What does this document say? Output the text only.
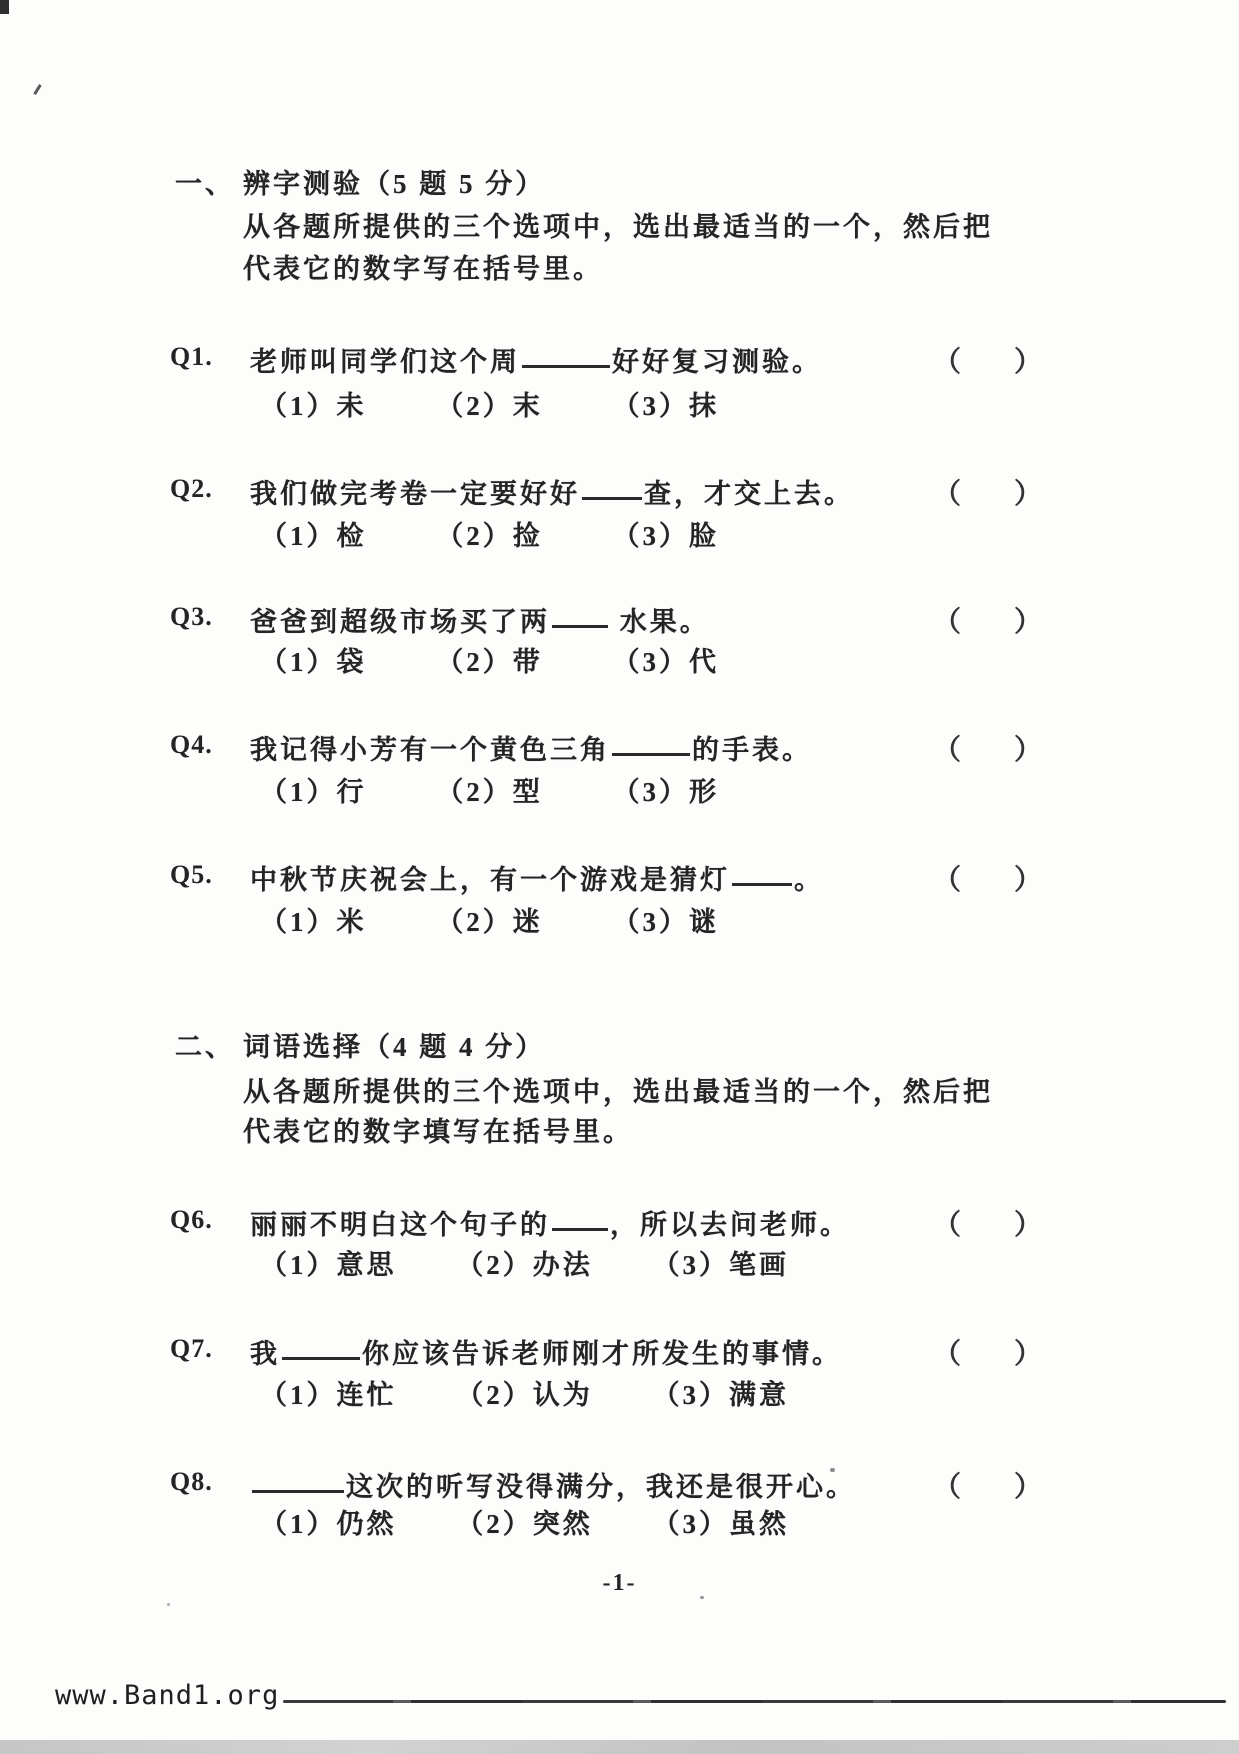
一、 辨字测验（5 题 5 分）
从各题所提供的三个选项中，选出最适当的一个，然后把
代表它的数字写在括号里。
Q1. 老师叫同学们这个周	好好复习测验。	（ ）
（1）未	（2）末	（3）抹
Q2. 我们做完考卷一定要好好 查，才交上去。	（ ）
（1）检	（2）捡	（3）脸
Q3. 爸爸到超级市场买了两 水果。	（ ）
（1）袋	（2）带	（3）代
Q4. 我记得小芳有一个黄色三角	的手表。	（ ）
（1）行	（2）型	（3）形
Q5. 中秋节庆祝会上，有一个游戏是猜灯 。	（ ）
（1）米	（2）迷	（3）谜
二、 词语选择（4 题 4 分）
从各题所提供的三个选项中，选出最适当的一个，然后把
代表它的数字填写在括号里。
Q6. 丽丽不明白这个句子的 ，所以去问老师。	（ ）
（1）意思 （2）办法 （3）笔画
Q7. 我	你应该告诉老师刚才所发生的事情。	（ ）
（1）连忙 （2）认为 （3）满意
Q8.	这次的听写没得满分，我还是很开心。	（ ）
（1）仍然 （2）突然 （3）虽然
-1-
www.Band1.org
